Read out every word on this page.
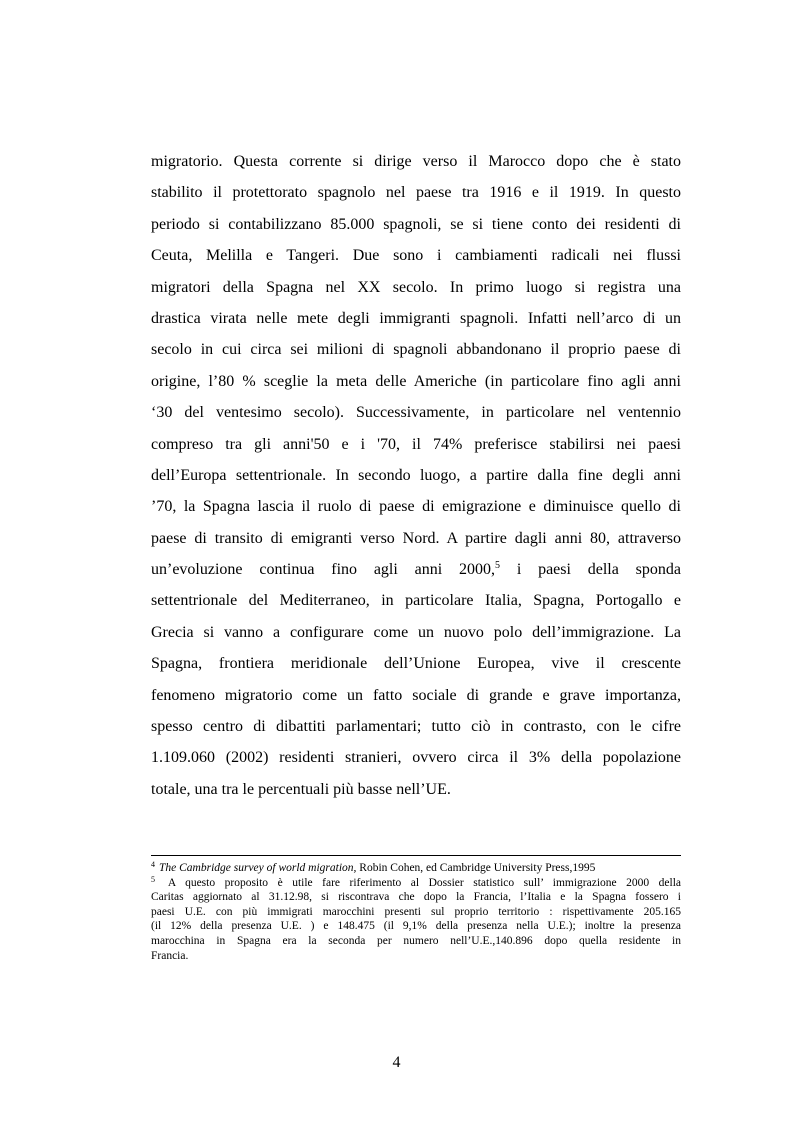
migratorio. Questa corrente si dirige verso il Marocco dopo che è stato
stabilito il protettorato spagnolo nel paese tra 1916 e il 1919. In questo
periodo si contabilizzano 85.000 spagnoli, se si tiene conto dei residenti di
Ceuta, Melilla e Tangeri. Due sono i cambiamenti radicali nei flussi
migratori della Spagna nel XX secolo. In primo luogo si registra una
drastica virata nelle mete degli immigranti spagnoli. Infatti nell’arco di un
secolo in cui circa sei milioni di spagnoli abbandonano il proprio paese di
origine, l’80 % sceglie la meta delle Americhe (in particolare fino agli anni
‘30 del ventesimo secolo). Successivamente, in particolare nel ventennio
compreso tra gli anni'50 e i '70, il 74% preferisce stabilirsi nei paesi
dell’Europa settentrionale. In secondo luogo, a partire dalla fine degli anni
’70, la Spagna lascia il ruolo di paese di emigrazione e diminuisce quello di
paese di transito di emigranti verso Nord. A partire dagli anni 80, attraverso
un’evoluzione continua fino agli anni 2000,$^5$ i paesi della sponda
settentrionale del Mediterraneo, in particolare Italia, Spagna, Portogallo e
Grecia si vanno a configurare come un nuovo polo dell’immigrazione. La
Spagna, frontiera meridionale dell’Unione Europea, vive il crescente
fenomeno migratorio come un fatto sociale di grande e grave importanza,
spesso centro di dibattiti parlamentari; tutto ciò in contrasto, con le cifre
1.109.060 (2002) residenti stranieri, ovvero circa il 3% della popolazione
totale, una tra le percentuali più basse nell’UE.
$^4$ The Cambridge survey of world migration, Robin Cohen, ed Cambridge University Press,1995
$^5$ A questo proposito è utile fare riferimento al Dossier statistico sull’ immigrazione 2000 della
Caritas aggiornato al 31.12.98, si riscontrava che dopo la Francia, l’Italia e la Spagna fossero i
paesi U.E. con più immigrati marocchini presenti sul proprio territorio : rispettivamente 205.165
(il 12% della presenza U.E. ) e 148.475 (il 9,1% della presenza nella U.E.); inoltre la presenza
marocchina in Spagna era la seconda per numero nell’U.E.,140.896 dopo quella residente in
Francia.
4
